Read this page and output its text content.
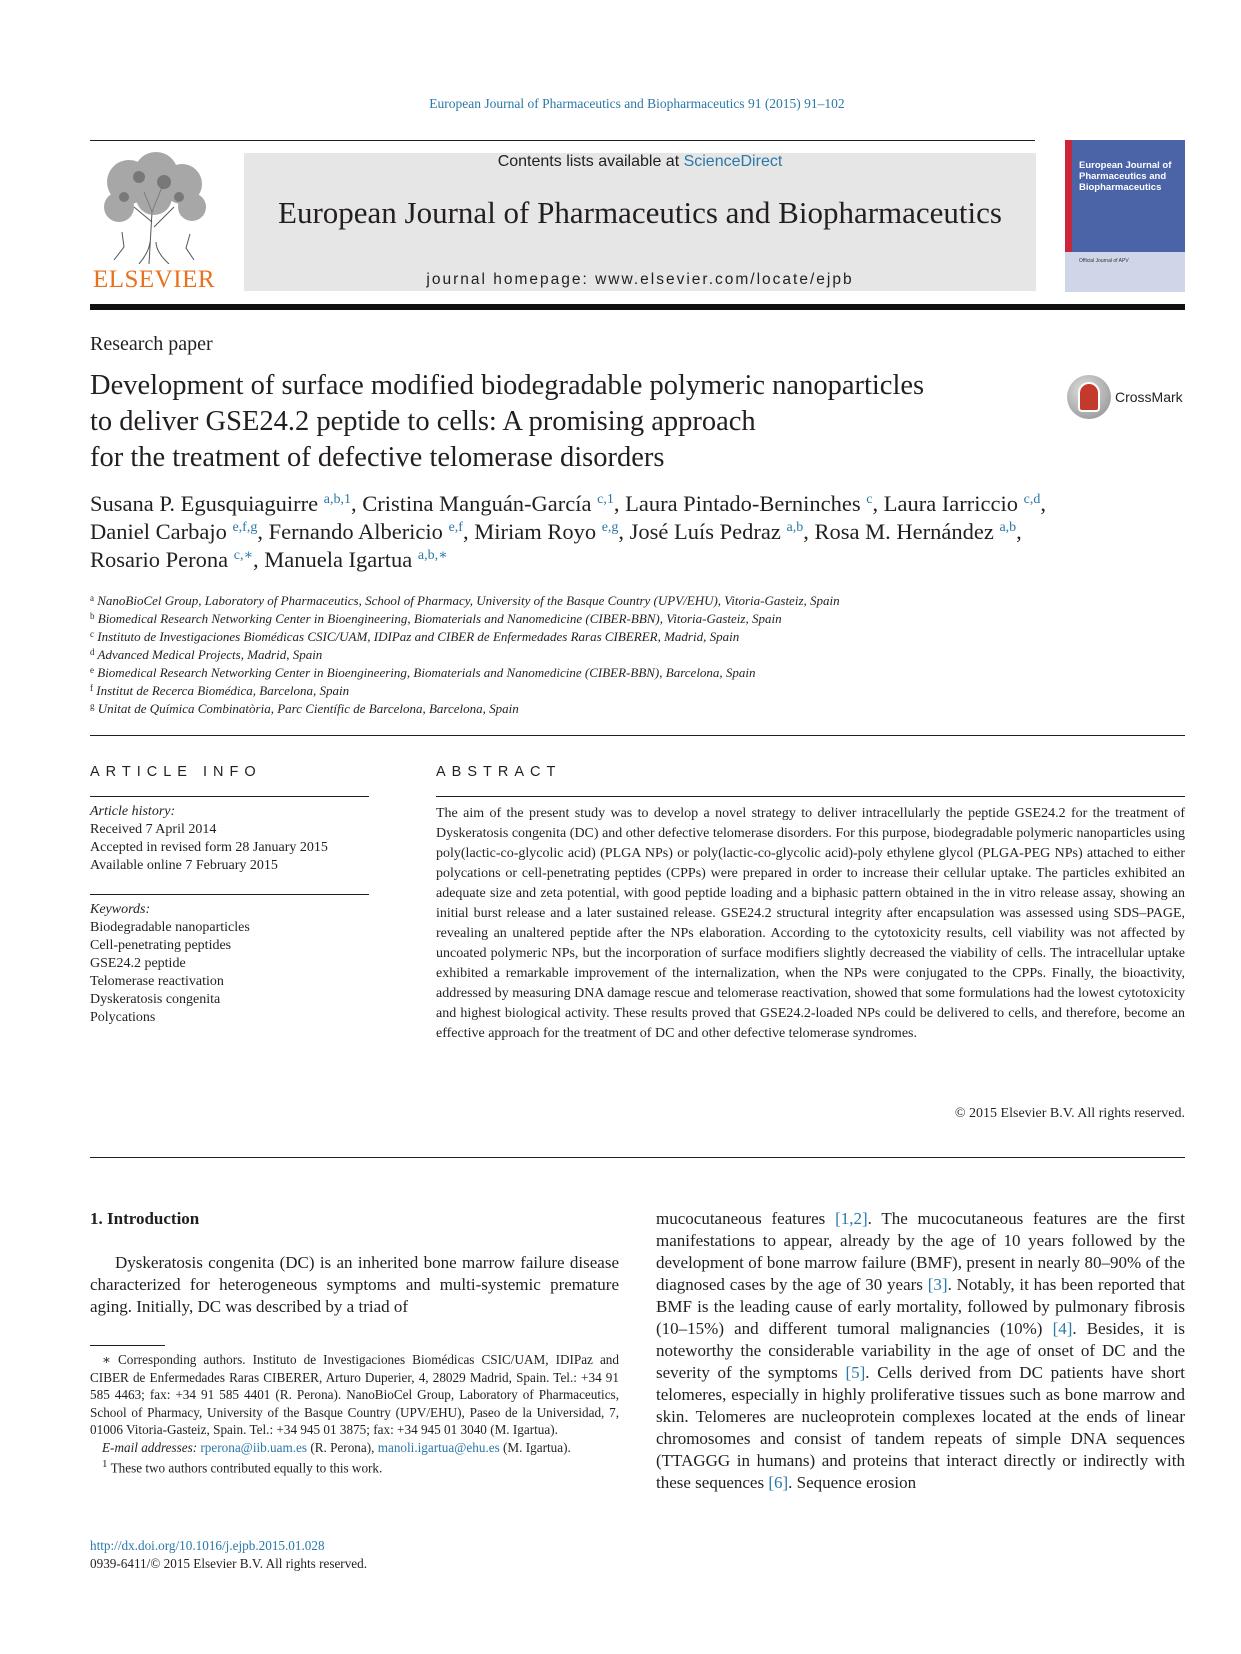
European Journal of Pharmaceutics and Biopharmaceutics 91 (2015) 91–102
ELSEVIER
Contents lists available at ScienceDirect
European Journal of Pharmaceutics and Biopharmaceutics
journal homepage: www.elsevier.com/locate/ejpb
European Journal of Pharmaceutics and Biopharmaceutics
Official Journal of APV
Research paper
Development of surface modified biodegradable polymeric nanoparticles
to deliver GSE24.2 peptide to cells: A promising approach
for the treatment of defective telomerase disorders
CrossMark
Susana P. Egusquiaguirre $^{a,b,1}$, Cristina Manguán-García $^{c,1}$, Laura Pintado-Berninches $^c$, Laura Iarriccio $^{c,d}$,
Daniel Carbajo $^{e,f,g}$, Fernando Albericio $^{e,f}$, Miriam Royo $^{e,g}$, José Luís Pedraz $^{a,b}$, Rosa M. Hernández $^{a,b}$,
Rosario Perona $^{c,∗}$, Manuela Igartua $^{a,b,∗}$
$^a$ NanoBioCel Group, Laboratory of Pharmaceutics, School of Pharmacy, University of the Basque Country (UPV/EHU), Vitoria-Gasteiz, Spain
$^b$ Biomedical Research Networking Center in Bioengineering, Biomaterials and Nanomedicine (CIBER-BBN), Vitoria-Gasteiz, Spain
$^c$ Instituto de Investigaciones Biomédicas CSIC/UAM, IDIPaz and CIBER de Enfermedades Raras CIBERER, Madrid, Spain
$^d$ Advanced Medical Projects, Madrid, Spain
$^e$ Biomedical Research Networking Center in Bioengineering, Biomaterials and Nanomedicine (CIBER-BBN), Barcelona, Spain
$^f$ Institut de Recerca Biomédica, Barcelona, Spain
$^g$ Unitat de Química Combinatòria, Parc Científic de Barcelona, Barcelona, Spain
ARTICLE INFO
Article history:
Received 7 April 2014
Accepted in revised form 28 January 2015
Available online 7 February 2015
Keywords:
Biodegradable nanoparticles
Cell-penetrating peptides
GSE24.2 peptide
Telomerase reactivation
Dyskeratosis congenita
Polycations
ABSTRACT

The aim of the present study was to develop a novel strategy to deliver intracellularly the peptide GSE24.2 for the treatment of Dyskeratosis congenita (DC) and other defective telomerase disorders. For this purpose, biodegradable polymeric nanoparticles using poly(lactic-co-glycolic acid) (PLGA NPs) or poly(lactic-co-glycolic acid)-poly ethylene glycol (PLGA-PEG NPs) attached to either polycations or cell-penetrating peptides (CPPs) were prepared in order to increase their cellular uptake. The particles exhibited an adequate size and zeta potential, with good peptide loading and a biphasic pattern obtained in the in vitro release assay, showing an initial burst release and a later sustained release. GSE24.2 structural integrity after encapsulation was assessed using SDS–PAGE, revealing an unaltered peptide after the NPs elaboration. According to the cytotoxicity results, cell viability was not affected by uncoated polymeric NPs, but the incorporation of surface modifiers slightly decreased the viability of cells. The intracellular uptake exhibited a remarkable improvement of the internalization, when the NPs were conjugated to the CPPs. Finally, the bioactivity, addressed by measuring DNA damage rescue and telomerase reactivation, showed that some formulations had the lowest cytotoxicity and highest biological activity. These results proved that GSE24.2-loaded NPs could be delivered to cells, and therefore, become an effective approach for the treatment of DC and other defective telomerase syndromes.

© 2015 Elsevier B.V. All rights reserved.
1. Introduction

Dyskeratosis congenita (DC) is an inherited bone marrow failure disease characterized for heterogeneous symptoms and multi-systemic premature aging. Initially, DC was described by a triad of

mucocutaneous features [1,2]. The mucocutaneous features are the first manifestations to appear, already by the age of 10 years followed by the development of bone marrow failure (BMF), present in nearly 80–90% of the diagnosed cases by the age of 30 years [3]. Notably, it has been reported that BMF is the leading cause of early mortality, followed by pulmonary fibrosis (10–15%) and different tumoral malignancies (10%) [4]. Besides, it is noteworthy the considerable variability in the age of onset of DC and the severity of the symptoms [5]. Cells derived from DC patients have short telomeres, especially in highly proliferative tissues such as bone marrow and skin. Telomeres are nucleoprotein complexes located at the ends of linear chromosomes and consist of tandem repeats of simple DNA sequences (TTAGGG in humans) and proteins that interact directly or indirectly with these sequences [6]. Sequence erosion

∗ Corresponding authors. Instituto de Investigaciones Biomédicas CSIC/UAM, IDIPaz and CIBER de Enfermedades Raras CIBERER, Arturo Duperier, 4, 28029 Madrid, Spain. Tel.: +34 91 585 4463; fax: +34 91 585 4401 (R. Perona). NanoBioCel Group, Laboratory of Pharmaceutics, School of Pharmacy, University of the Basque Country (UPV/EHU), Paseo de la Universidad, 7, 01006 Vitoria-Gasteiz, Spain. Tel.: +34 945 01 3875; fax: +34 945 01 3040 (M. Igartua).

E-mail addresses: rperona@iib.uam.es (R. Perona), manoli.igartua@ehu.es (M. Igartua).

$^1$ These two authors contributed equally to this work.

http://dx.doi.org/10.1016/j.ejpb.2015.01.028
0939-6411/© 2015 Elsevier B.V. All rights reserved.
